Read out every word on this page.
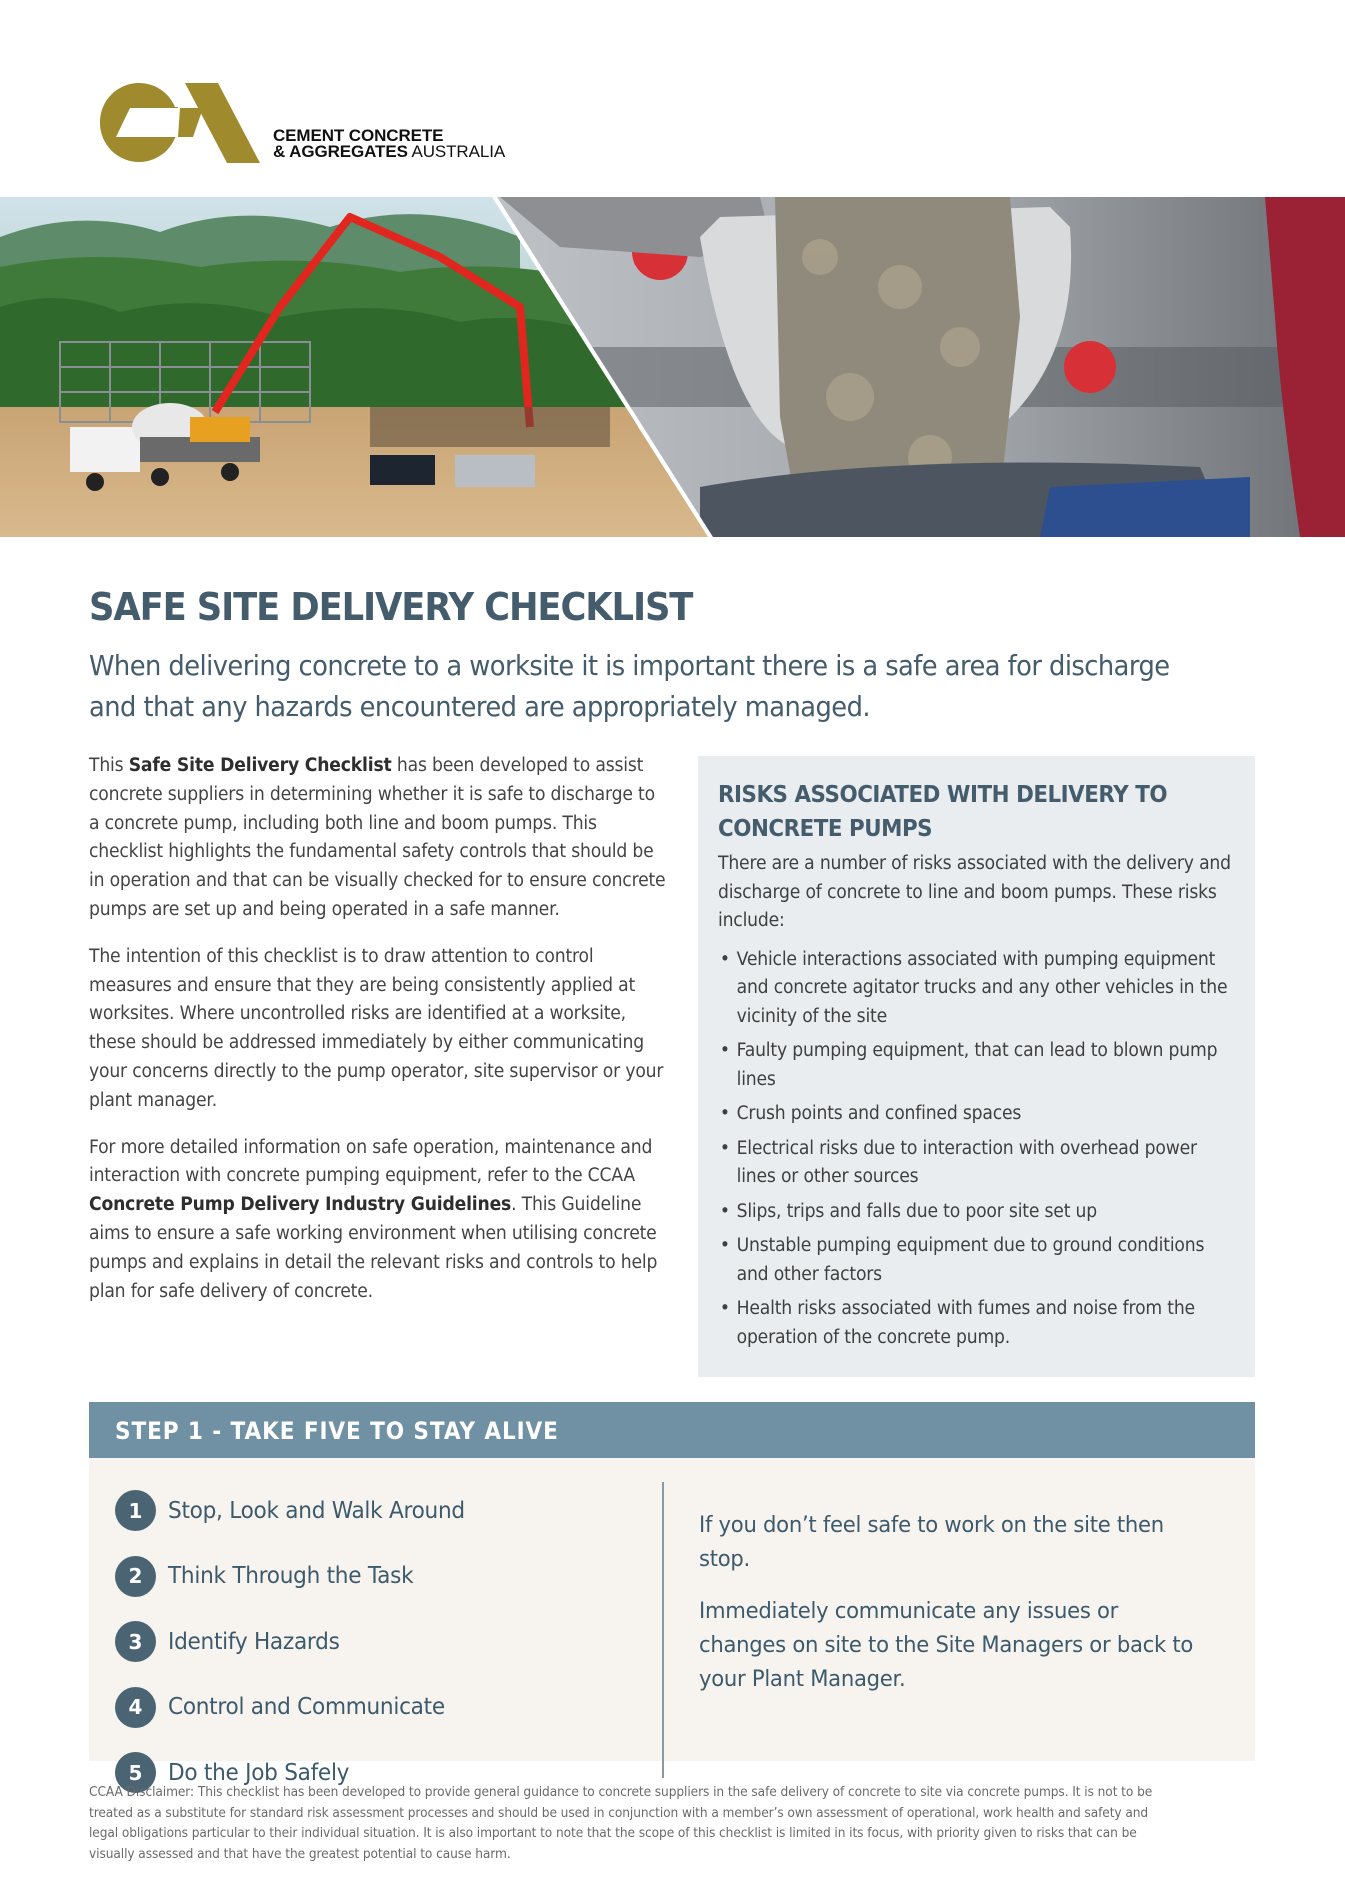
CEMENT CONCRETE
& AGGREGATES AUSTRALIA
SAFE SITE DELIVERY CHECKLIST

When delivering concrete to a worksite it is important there is a safe area for discharge and that any hazards encountered are appropriately managed.

This Safe Site Delivery Checklist has been developed to assist concrete suppliers in determining whether it is safe to discharge to a concrete pump, including both line and boom pumps. This checklist highlights the fundamental safety controls that should be in operation and that can be visually checked for to ensure concrete pumps are set up and being operated in a safe manner.

The intention of this checklist is to draw attention to control measures and ensure that they are being consistently applied at worksites. Where uncontrolled risks are identified at a worksite, these should be addressed immediately by either communicating your concerns directly to the pump operator, site supervisor or your plant manager.

For more detailed information on safe operation, maintenance and interaction with concrete pumping equipment, refer to the CCAA Concrete Pump Delivery Industry Guidelines. This Guideline aims to ensure a safe working environment when utilising concrete pumps and explains in detail the relevant risks and controls to help plan for safe delivery of concrete.

RISKS ASSOCIATED WITH DELIVERY TO CONCRETE PUMPS

There are a number of risks associated with the delivery and discharge of concrete to line and boom pumps. These risks include:

• Vehicle interactions associated with pumping equipment and concrete agitator trucks and any other vehicles in the vicinity of the site
• Faulty pumping equipment, that can lead to blown pump lines
• Crush points and confined spaces
• Electrical risks due to interaction with overhead power lines or other sources
• Slips, trips and falls due to poor site set up
• Unstable pumping equipment due to ground conditions and other factors
• Health risks associated with fumes and noise from the operation of the concrete pump.
STEP 1 - TAKE FIVE TO STAY ALIVE
1	Stop, Look and Walk Around
2	Think Through the Task
3	Identify Hazards
4	Control and Communicate
5	Do the Job Safely

If you don’t feel safe to work on the site then stop.

Immediately communicate any issues or changes on site to the Site Managers or back to your Plant Manager.

CCAA Disclaimer: This checklist has been developed to provide general guidance to concrete suppliers in the safe delivery of concrete to site via concrete pumps. It is not to be treated as a substitute for standard risk assessment processes and should be used in conjunction with a member’s own assessment of operational, work health and safety and legal obligations particular to their individual situation. It is also important to note that the scope of this checklist is limited in its focus, with priority given to risks that can be visually assessed and that have the greatest potential to cause harm.
